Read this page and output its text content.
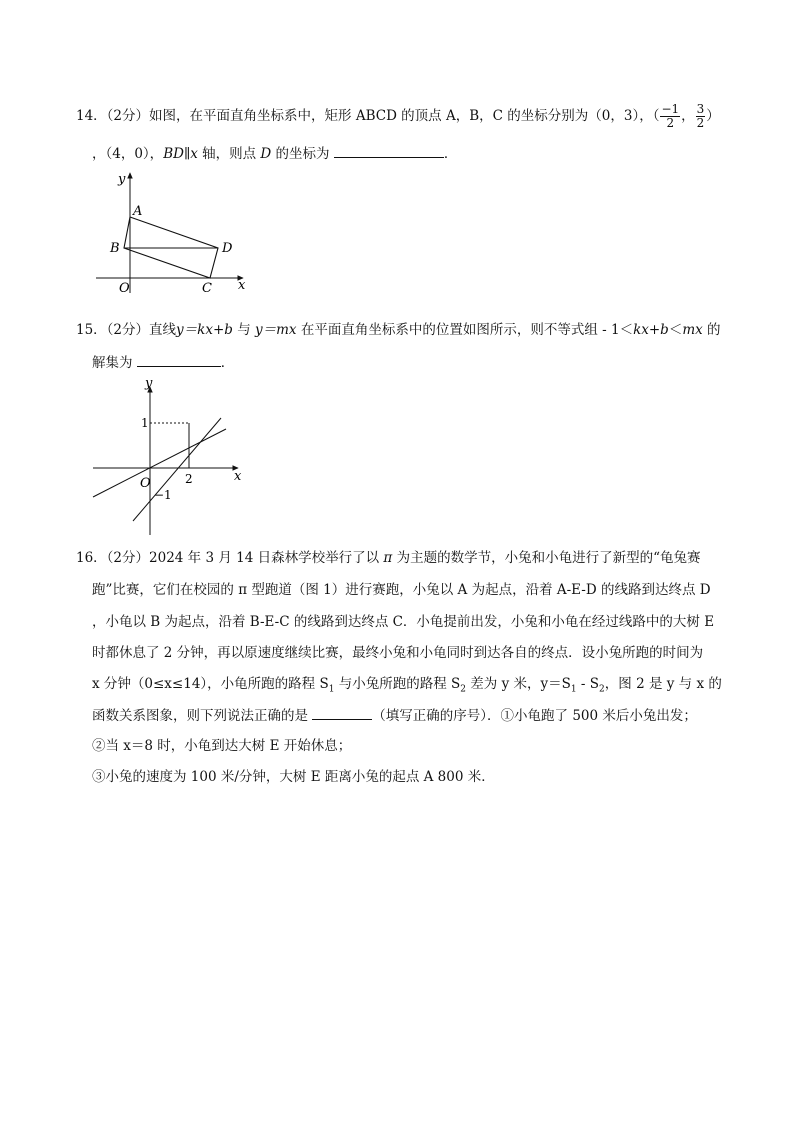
14．（2分）如图，在平面直角坐标系中，矩形 ABCD 的顶点 A，B，C 的坐标分别为（0，3），（ $\frac{-1}{2}$ ， $\frac{3}{2}$ ）
，（4，0），BD∥x 轴，则点 D 的坐标为	．
y
x
A
B	D
C
O
15．（2分）直线y＝kx+b 与 y＝mx 在平面直角坐标系中的位置如图所示，则不等式组 - 1＜kx+b＜mx 的
解集为	．
y
x
O
1
2
−1
16．（2分）2024 年 3 月 14 日森林学校举行了以 π 为主题的数学节，小兔和小龟进行了新型的“龟兔赛
跑”比赛，它们在校园的 π 型跑道（图 1）进行赛跑，小兔以 A 为起点，沿着 A-E-D 的线路到达终点 D
，小龟以 B 为起点，沿着 B-E-C 的线路到达终点 C．小龟提前出发，小兔和小龟在经过线路中的大树 E
时都休息了 2 分钟，再以原速度继续比赛，最终小兔和小龟同时到达各自的终点．设小兔所跑的时间为
x 分钟（0≤x≤14），小龟所跑的路程 $S_1$ 与小兔所跑的路程 $S_2$ 差为 y 米，$y=S_1 - S_2$，图 2 是 y 与 x 的
函数关系图象，则下列说法正确的是	（填写正确的序号）．①小龟跑了 500 米后小兔出发；
②当 x＝8 时，小龟到达大树 E 开始休息；
③小兔的速度为 100 米/分钟，大树 E 距离小兔的起点 A 800 米．
